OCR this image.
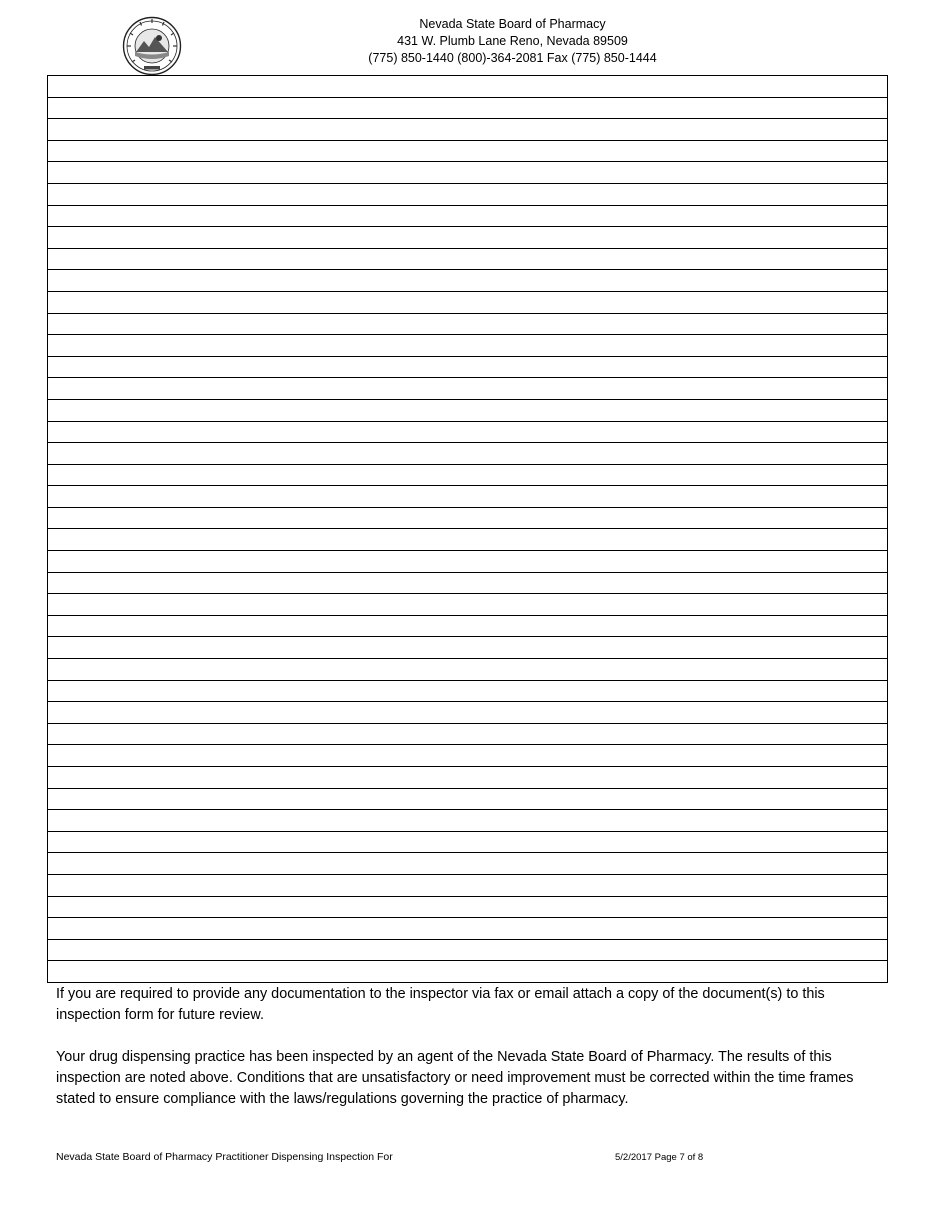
Nevada State Board of Pharmacy
431 W. Plumb Lane Reno, Nevada 89509
(775) 850-1440 (800)-364-2081 Fax (775) 850-1444

If you are required to provide any documentation to the inspector via fax or email attach a copy of the document(s) to this inspection form for future review.

Your drug dispensing practice has been inspected by an agent of the Nevada State Board of Pharmacy. The results of this inspection are noted above. Conditions that are unsatisfactory or need improvement must be corrected within the time frames stated to ensure compliance with the laws/regulations governing the practice of pharmacy.

Nevada State Board of Pharmacy Practitioner Dispensing Inspection For	5/2/2017 Page 7 of 8
